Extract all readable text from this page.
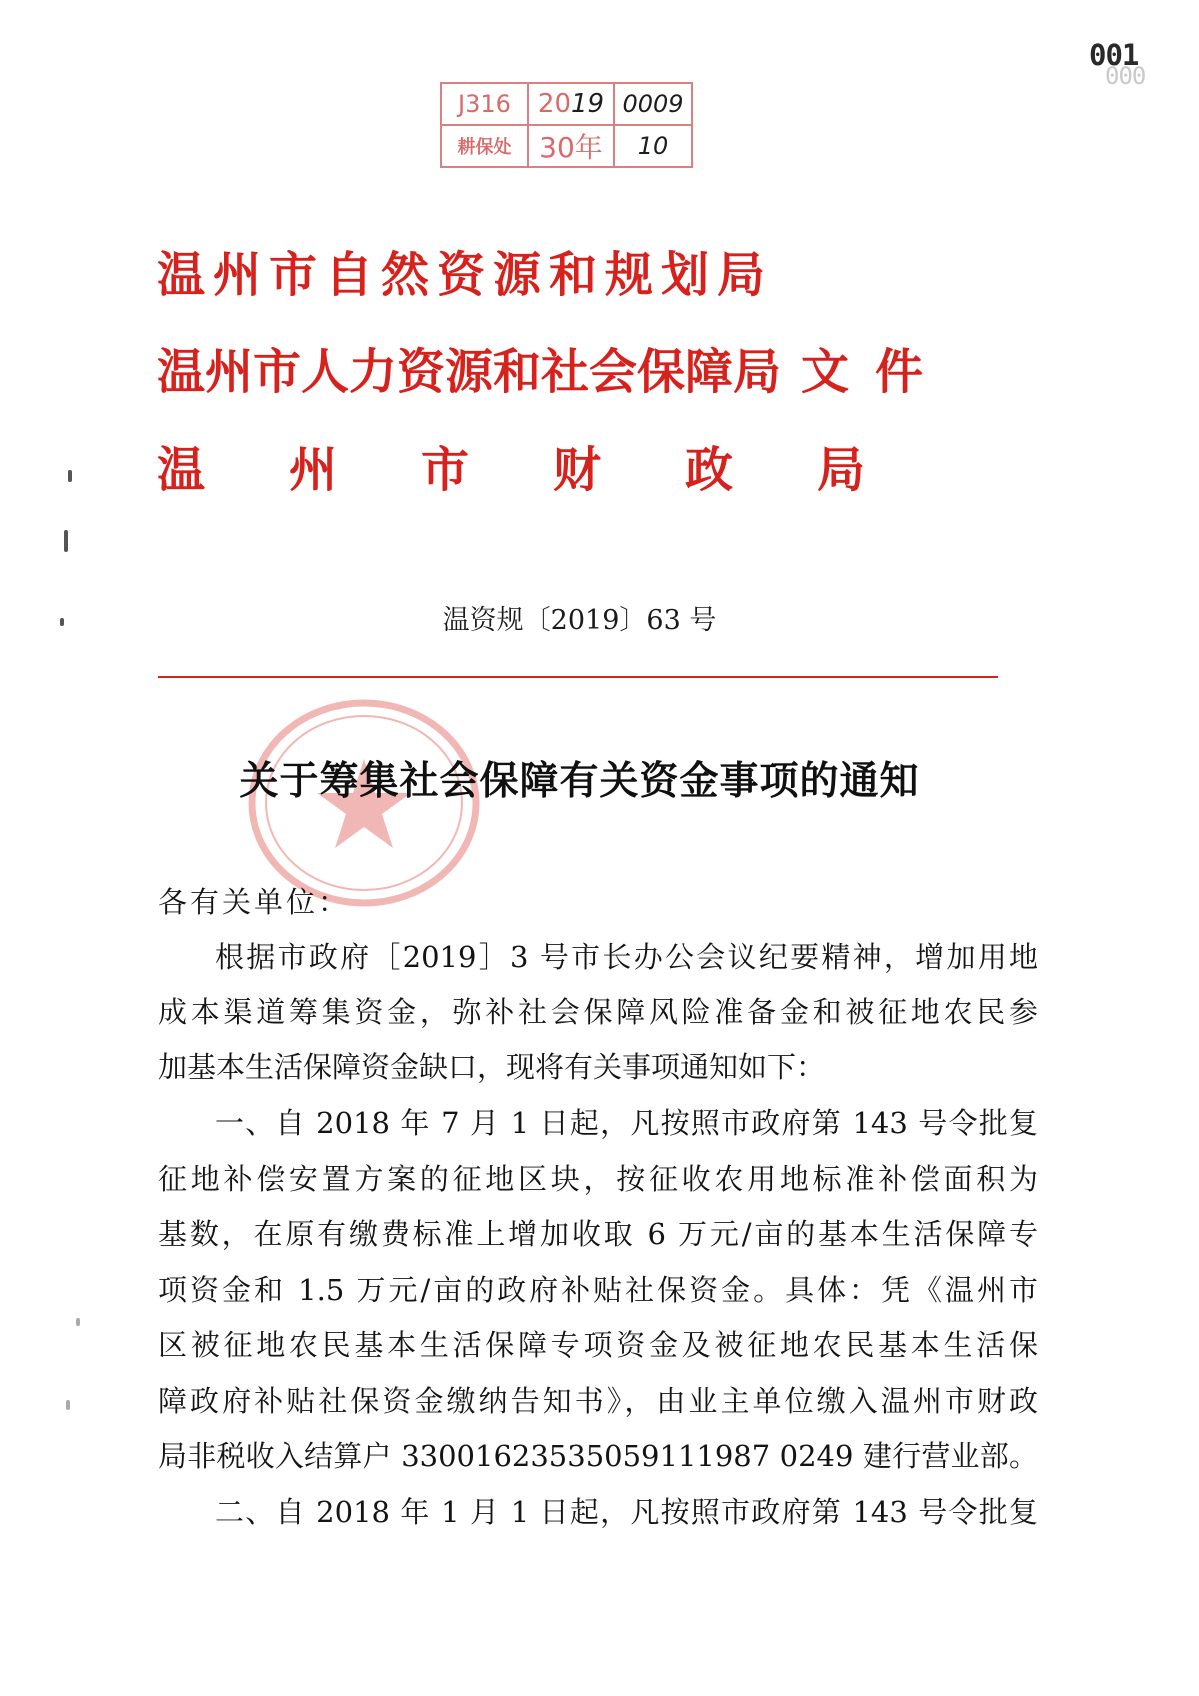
001
000
J316	20 19 0009
耕保处 30年	10
温州市自然资源和规划局
温州市人力资源和社会保障局 文件
温 州 市 财 政 局
温资规〔2019〕63 号
关于筹集社会保障有关资金事项的通知
各有关单位：
根据市政府［2019］3 号市长办公会议纪要精神，增加用地
成本渠道筹集资金，弥补社会保障风险准备金和被征地农民参
加基本生活保障资金缺口，现将有关事项通知如下：
一、自 2018 年 7 月 1 日起，凡按照市政府第 143 号令批复
征地补偿安置方案的征地区块，按征收农用地标准补偿面积为
基数，在原有缴费标准上增加收取 6 万元/亩的基本生活保障专
项资金和 1.5 万元/亩的政府补贴社保资金。具体：凭《温州市
区被征地农民基本生活保障专项资金及被征地农民基本生活保
障政府补贴社保资金缴纳告知书》，由业主单位缴入温州市财政
局非税收入结算户 33001623535059111987 0249 建行营业部。
二、自 2018 年 1 月 1 日起，凡按照市政府第 143 号令批复
